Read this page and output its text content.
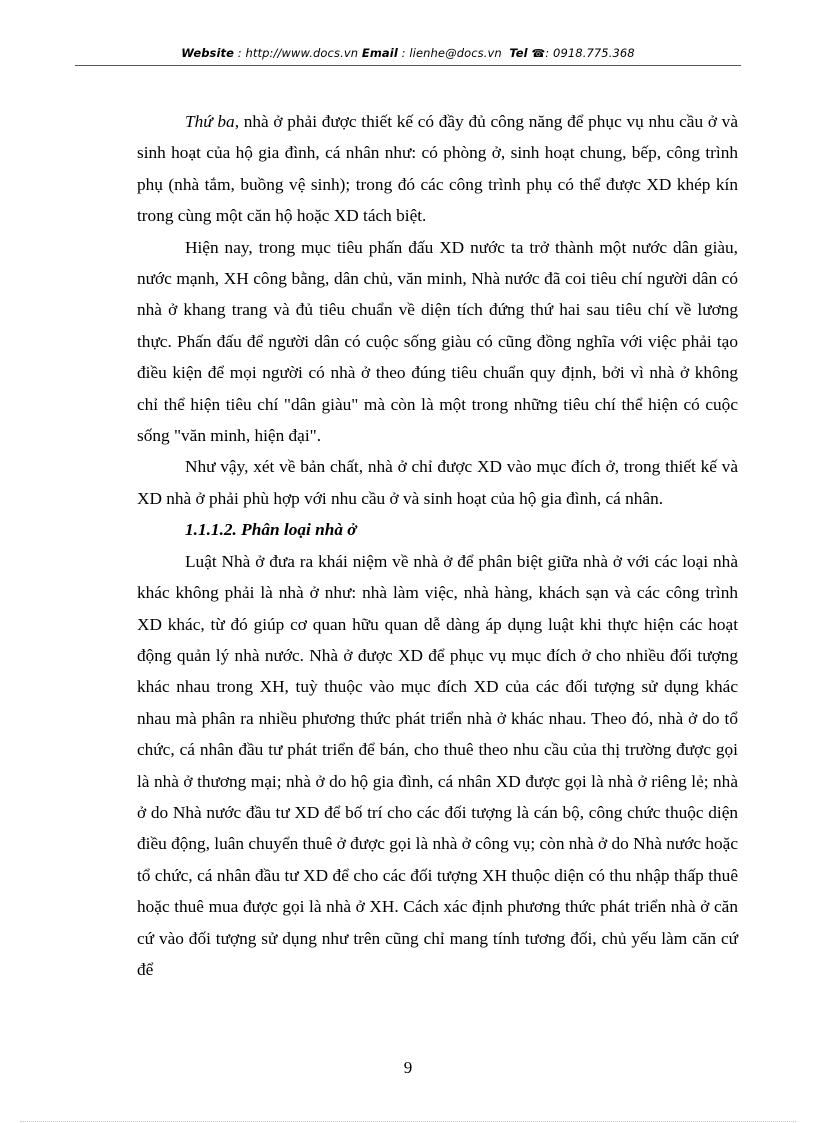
Website : http://www.docs.vn Email : lienhe@docs.vn Tel ☎: 0918.775.368

Thứ ba, nhà ở phải được thiết kế có đầy đủ công năng để phục vụ nhu cầu ở và sinh hoạt của hộ gia đình, cá nhân như: có phòng ở, sinh hoạt chung, bếp, công trình phụ (nhà tắm, buồng vệ sinh); trong đó các công trình phụ có thể được XD khép kín trong cùng một căn hộ hoặc XD tách biệt.

Hiện nay, trong mục tiêu phấn đấu XD nước ta trở thành một nước dân giàu, nước mạnh, XH công bằng, dân chủ, văn minh, Nhà nước đã coi tiêu chí người dân có nhà ở khang trang và đủ tiêu chuẩn về diện tích đứng thứ hai sau tiêu chí về lương thực. Phấn đấu để người dân có cuộc sống giàu có cũng đồng nghĩa với việc phải tạo điều kiện để mọi người có nhà ở theo đúng tiêu chuẩn quy định, bởi vì nhà ở không chỉ thể hiện tiêu chí "dân giàu" mà còn là một trong những tiêu chí thể hiện có cuộc sống "văn minh, hiện đại".

Như vậy, xét về bản chất, nhà ở chỉ được XD vào mục đích ở, trong thiết kế và XD nhà ở phải phù hợp với nhu cầu ở và sinh hoạt của hộ gia đình, cá nhân.

1.1.1.2. Phân loại nhà ở

Luật Nhà ở đưa ra khái niệm về nhà ở để phân biệt giữa nhà ở với các loại nhà khác không phải là nhà ở như: nhà làm việc, nhà hàng, khách sạn và các công trình XD khác, từ đó giúp cơ quan hữu quan dễ dàng áp dụng luật khi thực hiện các hoạt động quản lý nhà nước. Nhà ở được XD để phục vụ mục đích ở cho nhiều đối tượng khác nhau trong XH, tuỳ thuộc vào mục đích XD của các đối tượng sử dụng khác nhau mà phân ra nhiều phương thức phát triển nhà ở khác nhau. Theo đó, nhà ở do tổ chức, cá nhân đầu tư phát triển để bán, cho thuê theo nhu cầu của thị trường được gọi là nhà ở thương mại; nhà ở do hộ gia đình, cá nhân XD được gọi là nhà ở riêng lẻ; nhà ở do Nhà nước đầu tư XD để bố trí cho các đối tượng là cán bộ, công chức thuộc diện điều động, luân chuyển thuê ở được gọi là nhà ở công vụ; còn nhà ở do Nhà nước hoặc tổ chức, cá nhân đầu tư XD để cho các đối tượng XH thuộc diện có thu nhập thấp thuê hoặc thuê mua được gọi là nhà ở XH. Cách xác định phương thức phát triển nhà ở căn cứ vào đối tượng sử dụng như trên cũng chỉ mang tính tương đối, chủ yếu làm căn cứ để

9
